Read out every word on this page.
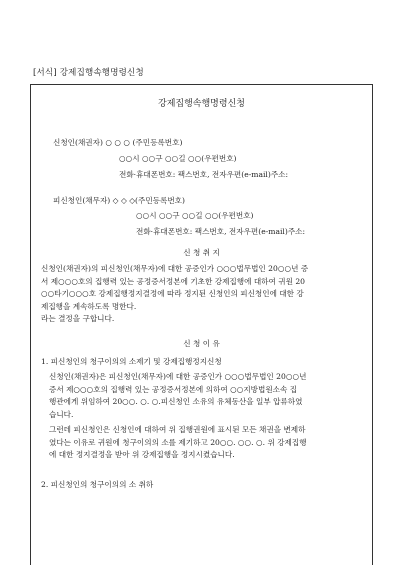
[서식] 강제집행속행명령신청
강제집행속행명령신청
신청인(채권자) ○ ○ ○ (주민등록번호)
○○시 ○○구 ○○길 ○○(우편번호)
전화·휴대폰번호: 팩스번호, 전자우편(e-mail)주소:
피신청인(채무자) ◇ ◇ ◇(주민등록번호)
○○시 ○○구 ○○길 ○○(우편번호)
전화·휴대폰번호: 팩스번호, 전자우편(e-mail)주소:
신 청 취 지
신청인(채권자)의 피신청인(채무자)에 대한 공증인가 ○○○법무법인 20○○년 증
서 제○○○호의 집행력 있는 공정증서정본에 기초한 강제집행에 대하여 귀원 20
○○타기○○○호 강제집행정지결정에 따라 정지된 신청인의 피신청인에 대한 강
제집행을 계속하도록 명한다.
라는 결정을 구합니다.
신 청 이 유
1. 피신청인의 청구이의의 소제기 및 강제집행정지신청
신청인(채권자)은 피신청인(채무자)에 대한 공증인가 ○○○법무법인 20○○년
증서 제○○○호의 집행력 있는 공정증서정본에 의하여 ○○지방법원소속 집
행관에게 위임하여 20○○. ○. ○.피신청인 소유의 유체동산을 일부 압류하였
습니다.
그런데 피신청인은 신청인에 대하여 위 집행권원에 표시된 모든 채권을 변제하
였다는 이유로 귀원에 청구이의의 소를 제기하고 20○○. ○○. ○. 위 강제집행
에 대한 정지결정을 받아 위 강제집행을 정지시켰습니다.
2. 피신청인의 청구이의의 소 취하
